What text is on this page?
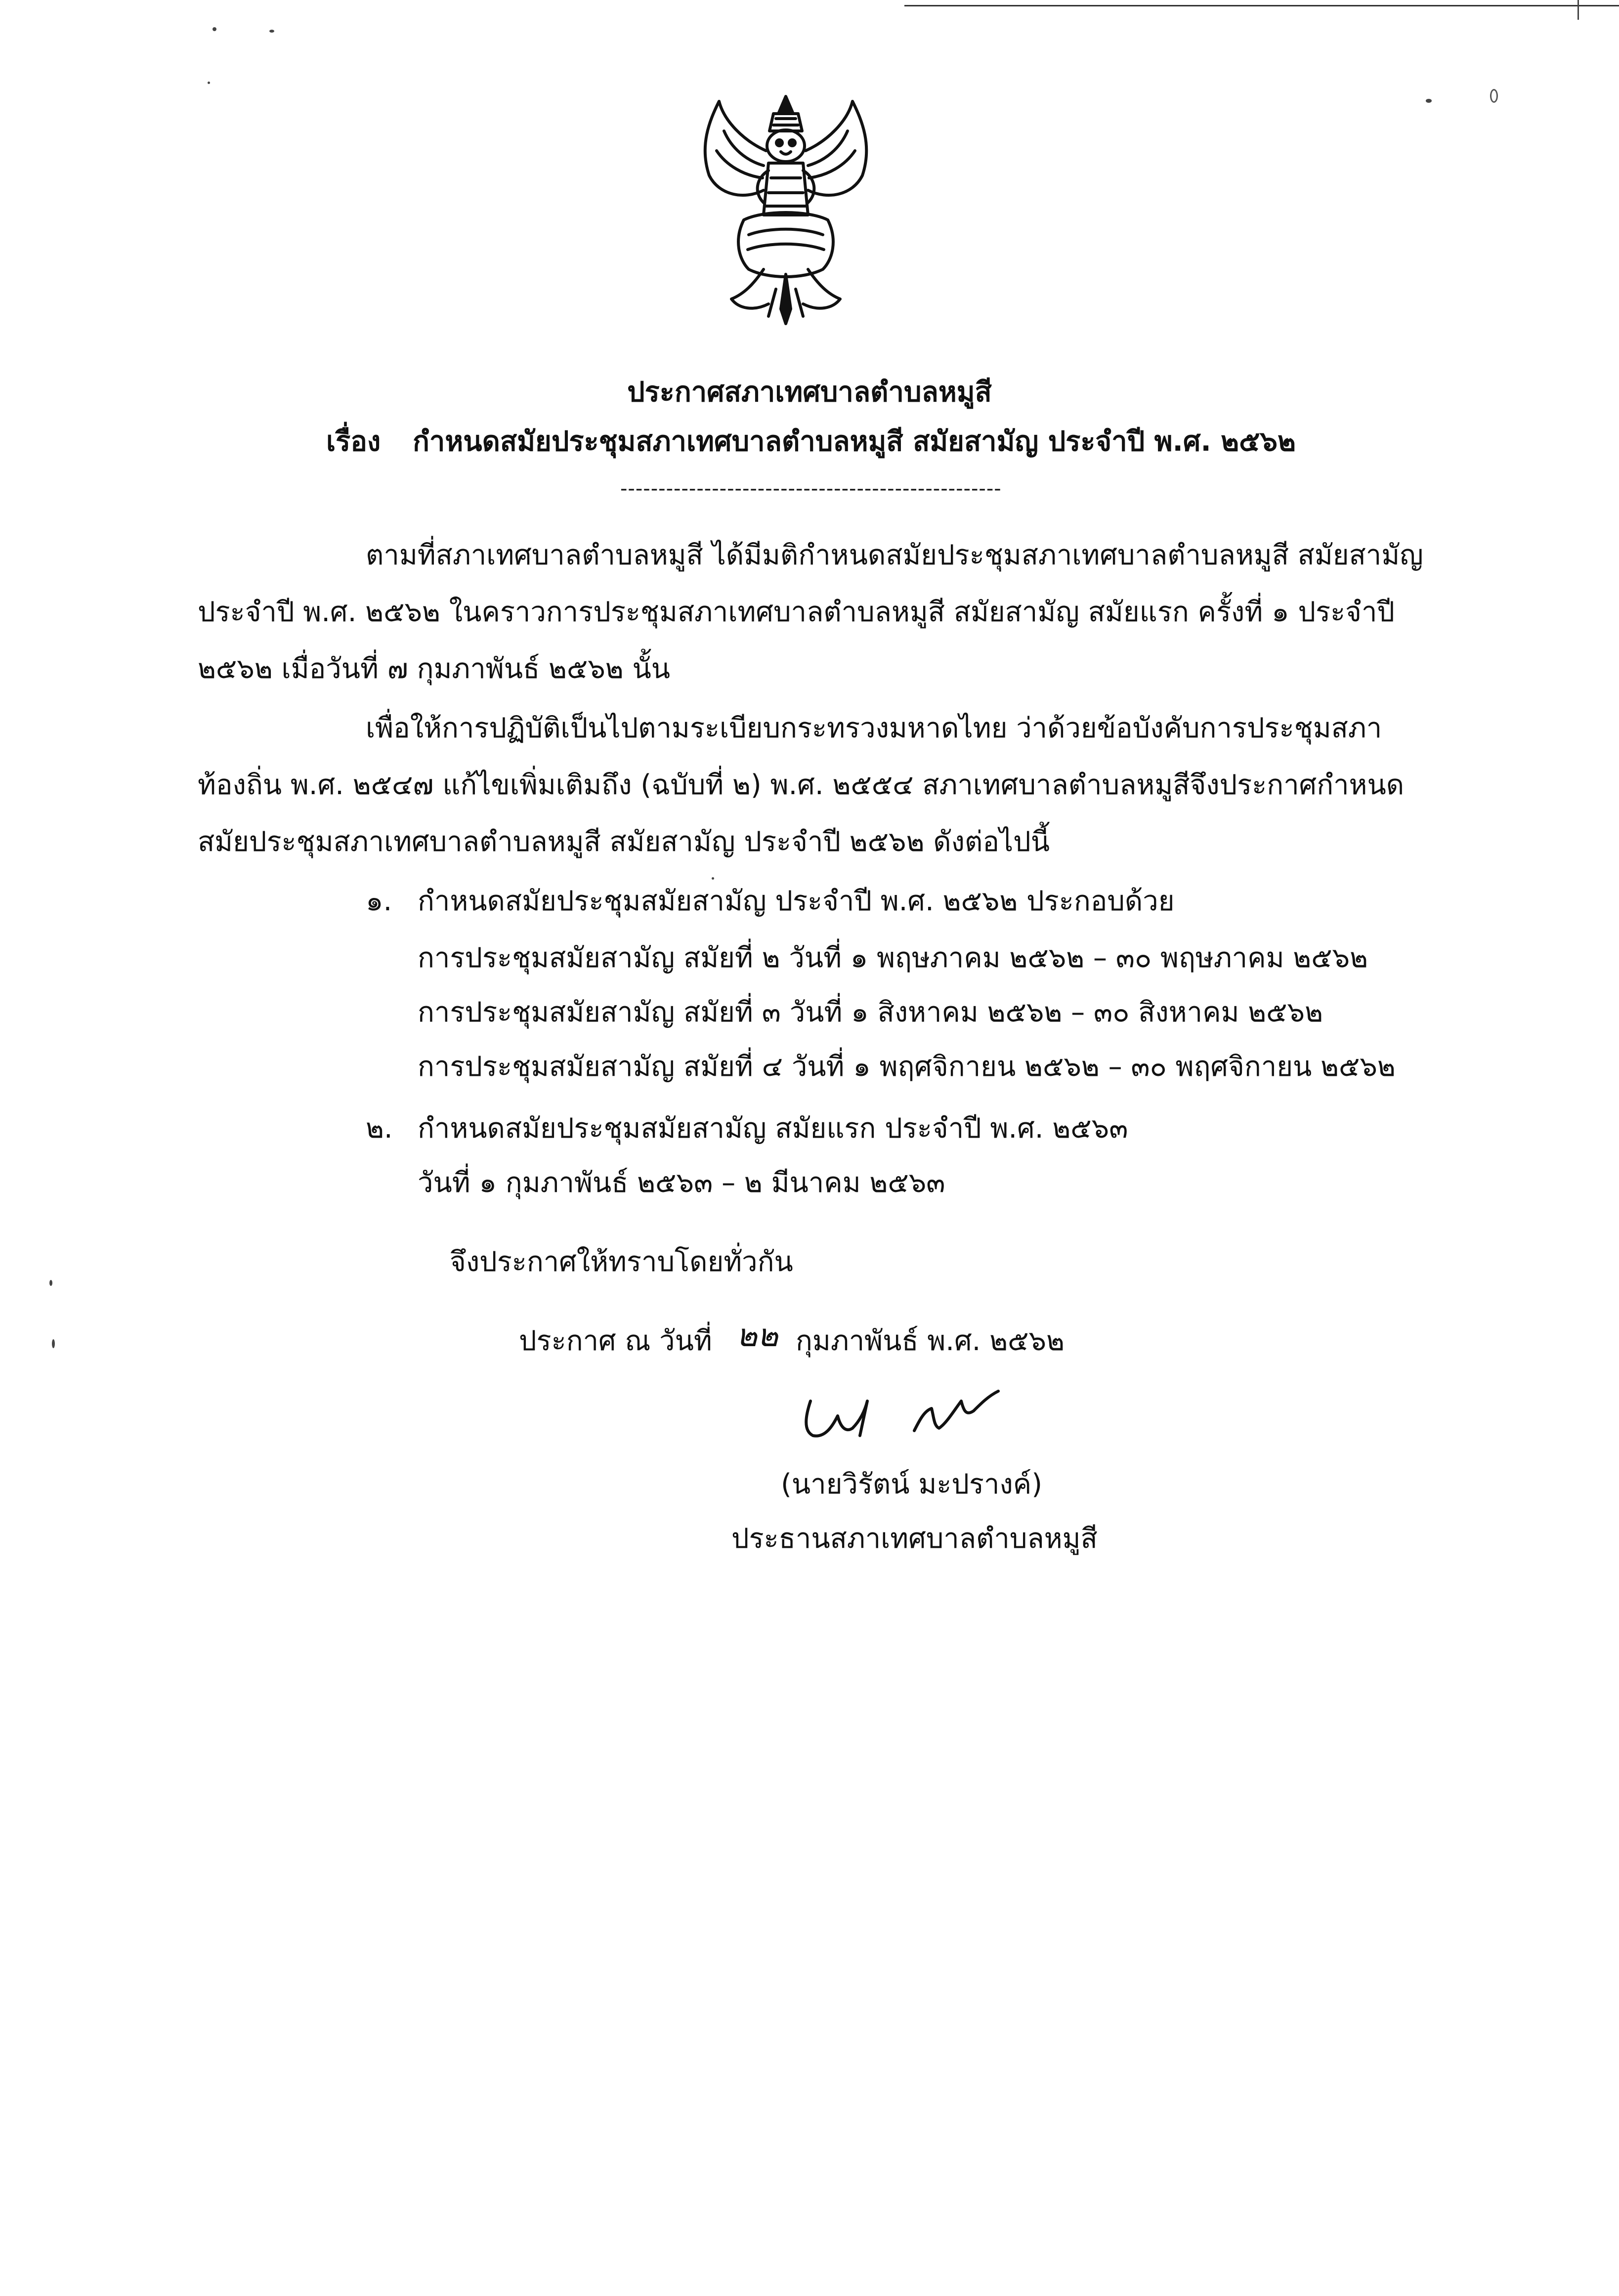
ประกาศสภาเทศบาลตำบลหมูสี
เรื่อง กำหนดสมัยประชุมสภาเทศบาลตำบลหมูสี สมัยสามัญ ประจำปี พ.ศ. ๒๕๖๒
--------------------------------------------------
ตามที่สภาเทศบาลตำบลหมูสี ได้มีมติกำหนดสมัยประชุมสภาเทศบาลตำบลหมูสี สมัยสามัญ
ประจำปี พ.ศ. ๒๕๖๒ ในคราวการประชุมสภาเทศบาลตำบลหมูสี สมัยสามัญ สมัยแรก ครั้งที่ ๑ ประจำปี
๒๕๖๒ เมื่อวันที่ ๗ กุมภาพันธ์ ๒๕๖๒ นั้น
เพื่อให้การปฏิบัติเป็นไปตามระเบียบกระทรวงมหาดไทย ว่าด้วยข้อบังคับการประชุมสภา
ท้องถิ่น พ.ศ. ๒๕๔๗ แก้ไขเพิ่มเติมถึง (ฉบับที่ ๒) พ.ศ. ๒๕๕๔ สภาเทศบาลตำบลหมูสีจึงประกาศกำหนด
สมัยประชุมสภาเทศบาลตำบลหมูสี สมัยสามัญ ประจำปี ๒๕๖๒ ดังต่อไปนี้
๑. กำหนดสมัยประชุมสมัยสามัญ ประจำปี พ.ศ. ๒๕๖๒ ประกอบด้วย
การประชุมสมัยสามัญ สมัยที่ ๒ วันที่ ๑ พฤษภาคม ๒๕๖๒ – ๓๐ พฤษภาคม ๒๕๖๒
การประชุมสมัยสามัญ สมัยที่ ๓ วันที่ ๑ สิงหาคม ๒๕๖๒ – ๓๐ สิงหาคม ๒๕๖๒
การประชุมสมัยสามัญ สมัยที่ ๔ วันที่ ๑ พฤศจิกายน ๒๕๖๒ – ๓๐ พฤศจิกายน ๒๕๖๒
๒. กำหนดสมัยประชุมสมัยสามัญ สมัยแรก ประจำปี พ.ศ. ๒๕๖๓
วันที่ ๑ กุมภาพันธ์ ๒๕๖๓ – ๒ มีนาคม ๒๕๖๓
จึงประกาศให้ทราบโดยทั่วกัน
ประกาศ ณ วันที่ ๒๒ กุมภาพันธ์ พ.ศ. ๒๕๖๒
(นายวิรัตน์ มะปรางค์)
ประธานสภาเทศบาลตำบลหมูสี
